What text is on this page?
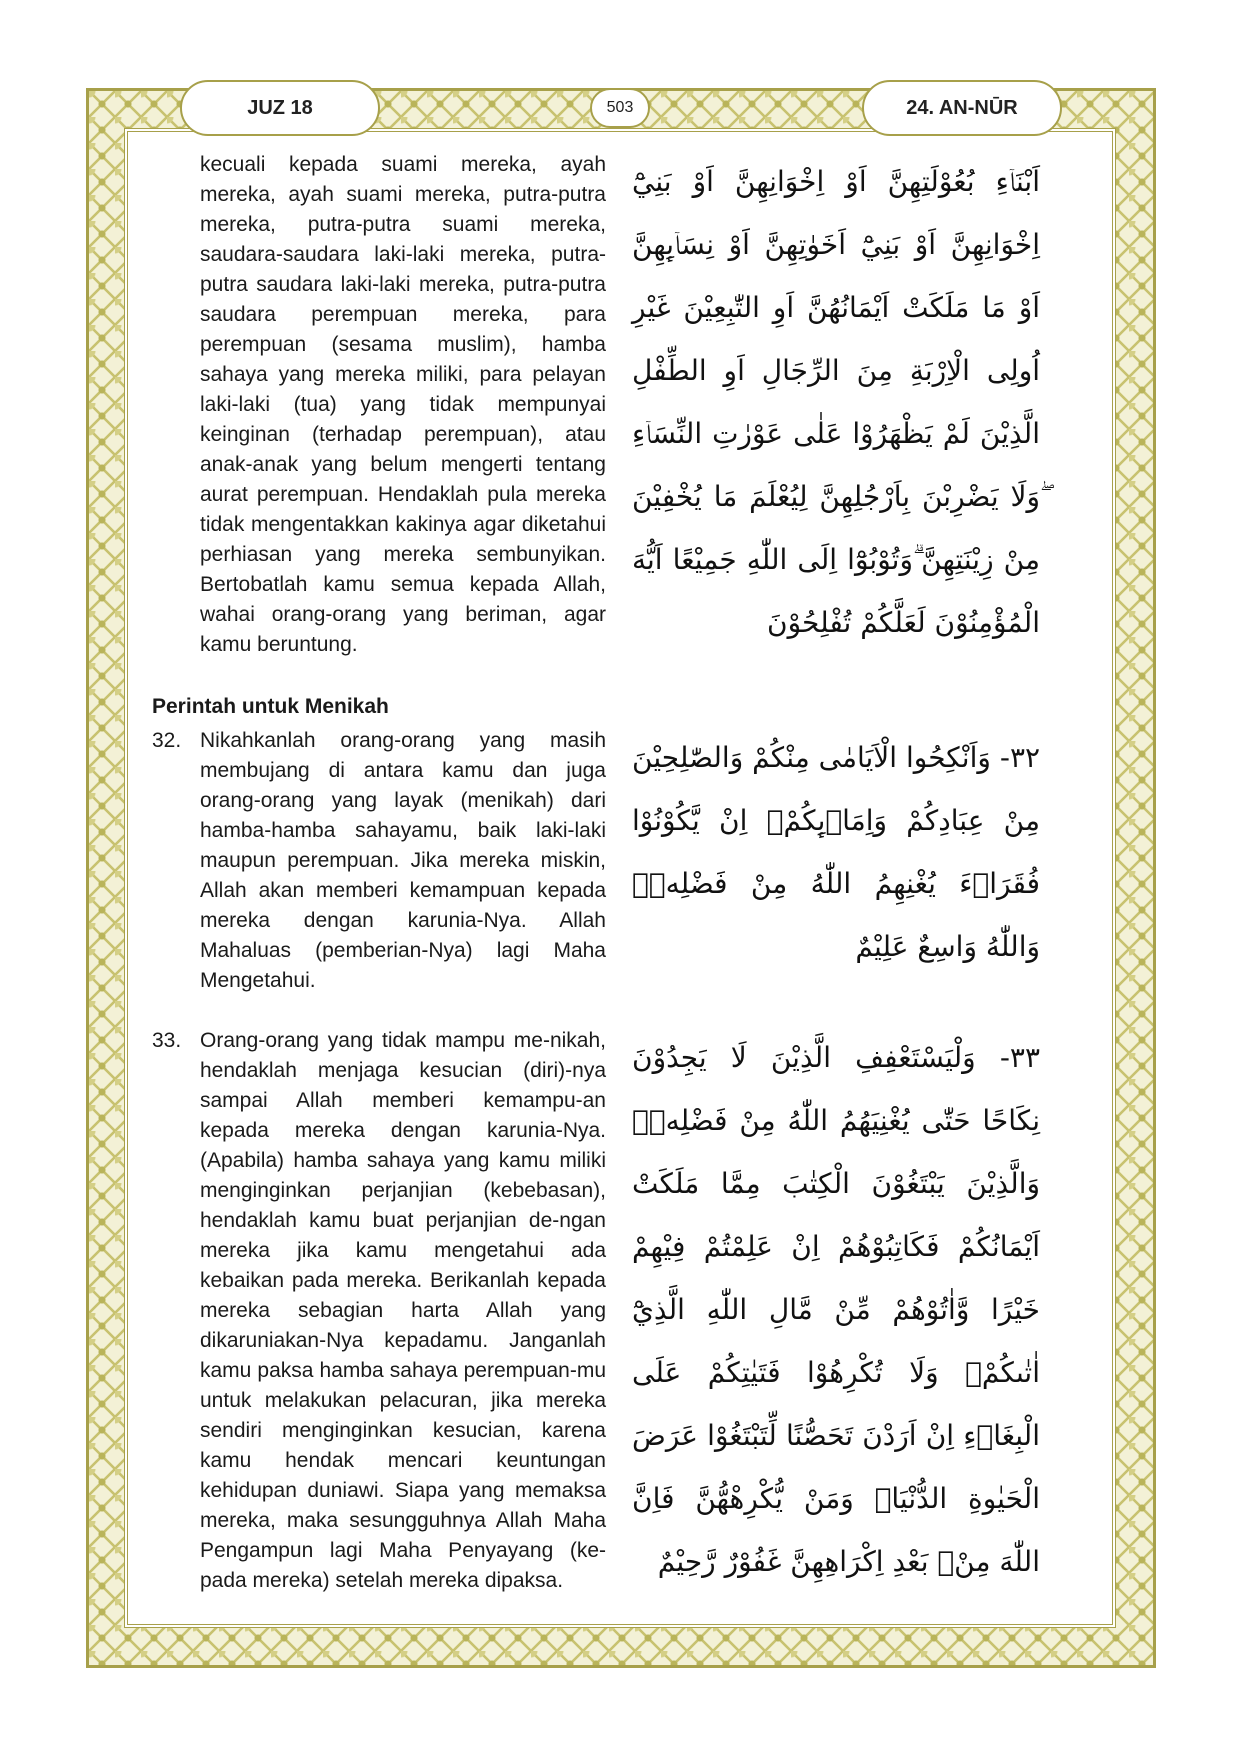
JUZ 18	503	24. AN-NŪR

اَبْنَاۤءِ بُعُوْلَتِهِنَّ اَوْ اِخْوَانِهِنَّ اَوْ بَنِيْٓ اِخْوَانِهِنَّ اَوْ بَنِيْٓ اَخَوٰتِهِنَّ اَوْ نِسَاۤىِٕهِنَّ اَوْ مَا مَلَكَتْ اَيْمَانُهُنَّ اَوِ التّٰبِعِيْنَ غَيْرِ اُولِى الْاِرْبَةِ مِنَ الرِّجَالِ اَوِ الطِّفْلِ الَّذِيْنَ لَمْ يَظْهَرُوْا عَلٰى عَوْرٰتِ النِّسَاۤءِ ۖوَلَا يَضْرِبْنَ بِاَرْجُلِهِنَّ لِيُعْلَمَ مَا يُخْفِيْنَ مِنْ زِيْنَتِهِنَّ ۗوَتُوْبُوْٓا اِلَى اللّٰهِ جَمِيْعًا اَيُّهَ الْمُؤْمِنُوْنَ لَعَلَّكُمْ تُفْلِحُوْنَ

kecuali kepada suami mereka, ayah mereka, ayah suami mereka, putra-putra mereka, putra-putra suami mereka, saudara-saudara laki-laki mereka, putra-putra saudara laki-laki mereka, putra-putra saudara perempuan mereka, para perempuan (sesama muslim), hamba sahaya yang mereka miliki, para pelayan laki-laki (tua) yang tidak mempunyai keinginan (terhadap perempuan), atau anak-anak yang belum mengerti tentang aurat perempuan. Hendaklah pula mereka tidak mengentakkan kakinya agar diketahui perhiasan yang mereka sembunyikan. Bertobatlah kamu semua kepada Allah, wahai orang-orang yang beriman, agar kamu beruntung.

Perintah untuk Menikah
32. Nikahkanlah orang-orang yang masih membujang di antara kamu dan juga orang-orang yang layak (menikah) dari hamba-hamba sahayamu, baik laki-laki maupun perempuan. Jika mereka miskin, Allah akan memberi kemampuan kepada mereka dengan karunia-Nya. Allah Mahaluas (pemberian-Nya) lagi Maha Mengetahui.

٣٢- وَاَنْكِحُوا الْاَيَامٰى مِنْكُمْ وَالصّٰلِحِيْنَ مِنْ عِبَادِكُمْ وَاِمَاۤىِٕكُمْۗ اِنْ يَّكُوْنُوْا فُقَرَاۤءَ يُغْنِهِمُ اللّٰهُ مِنْ فَضْلِهٖۗ وَاللّٰهُ وَاسِعٌ عَلِيْمٌ

33. Orang-orang yang tidak mampu me-nikah, hendaklah menjaga kesucian (diri)-nya sampai Allah memberi kemampu-an kepada mereka dengan karunia-Nya. (Apabila) hamba sahaya yang kamu miliki menginginkan perjanjian (kebebasan), hendaklah kamu buat perjanjian de-ngan mereka jika kamu mengetahui ada kebaikan pada mereka. Berikanlah kepada mereka sebagian harta Allah yang dikaruniakan-Nya kepadamu. Janganlah kamu paksa hamba sahaya perempuan-mu untuk melakukan pelacuran, jika mereka sendiri menginginkan kesucian, karena kamu hendak mencari keuntungan kehidupan duniawi. Siapa yang memaksa mereka, maka sesungguhnya Allah Maha Pengampun lagi Maha Penyayang (ke-pada mereka) setelah mereka dipaksa.

٣٣- وَلْيَسْتَعْفِفِ الَّذِيْنَ لَا يَجِدُوْنَ نِكَاحًا حَتّٰى يُغْنِيَهُمُ اللّٰهُ مِنْ فَضْلِهٖۗ وَالَّذِيْنَ يَبْتَغُوْنَ الْكِتٰبَ مِمَّا مَلَكَتْ اَيْمَانُكُمْ فَكَاتِبُوْهُمْ اِنْ عَلِمْتُمْ فِيْهِمْ خَيْرًا وَّاٰتُوْهُمْ مِّنْ مَّالِ اللّٰهِ الَّذِيْٓ اٰتٰىكُمْۗ وَلَا تُكْرِهُوْا فَتَيٰتِكُمْ عَلَى الْبِغَاۤءِ اِنْ اَرَدْنَ تَحَصُّنًا لِّتَبْتَغُوْا عَرَضَ الْحَيٰوةِ الدُّنْيَاۗ وَمَنْ يُّكْرِهْهُّنَّ فَاِنَّ اللّٰهَ مِنْۢ بَعْدِ اِكْرَاهِهِنَّ غَفُوْرٌ رَّحِيْمٌ
